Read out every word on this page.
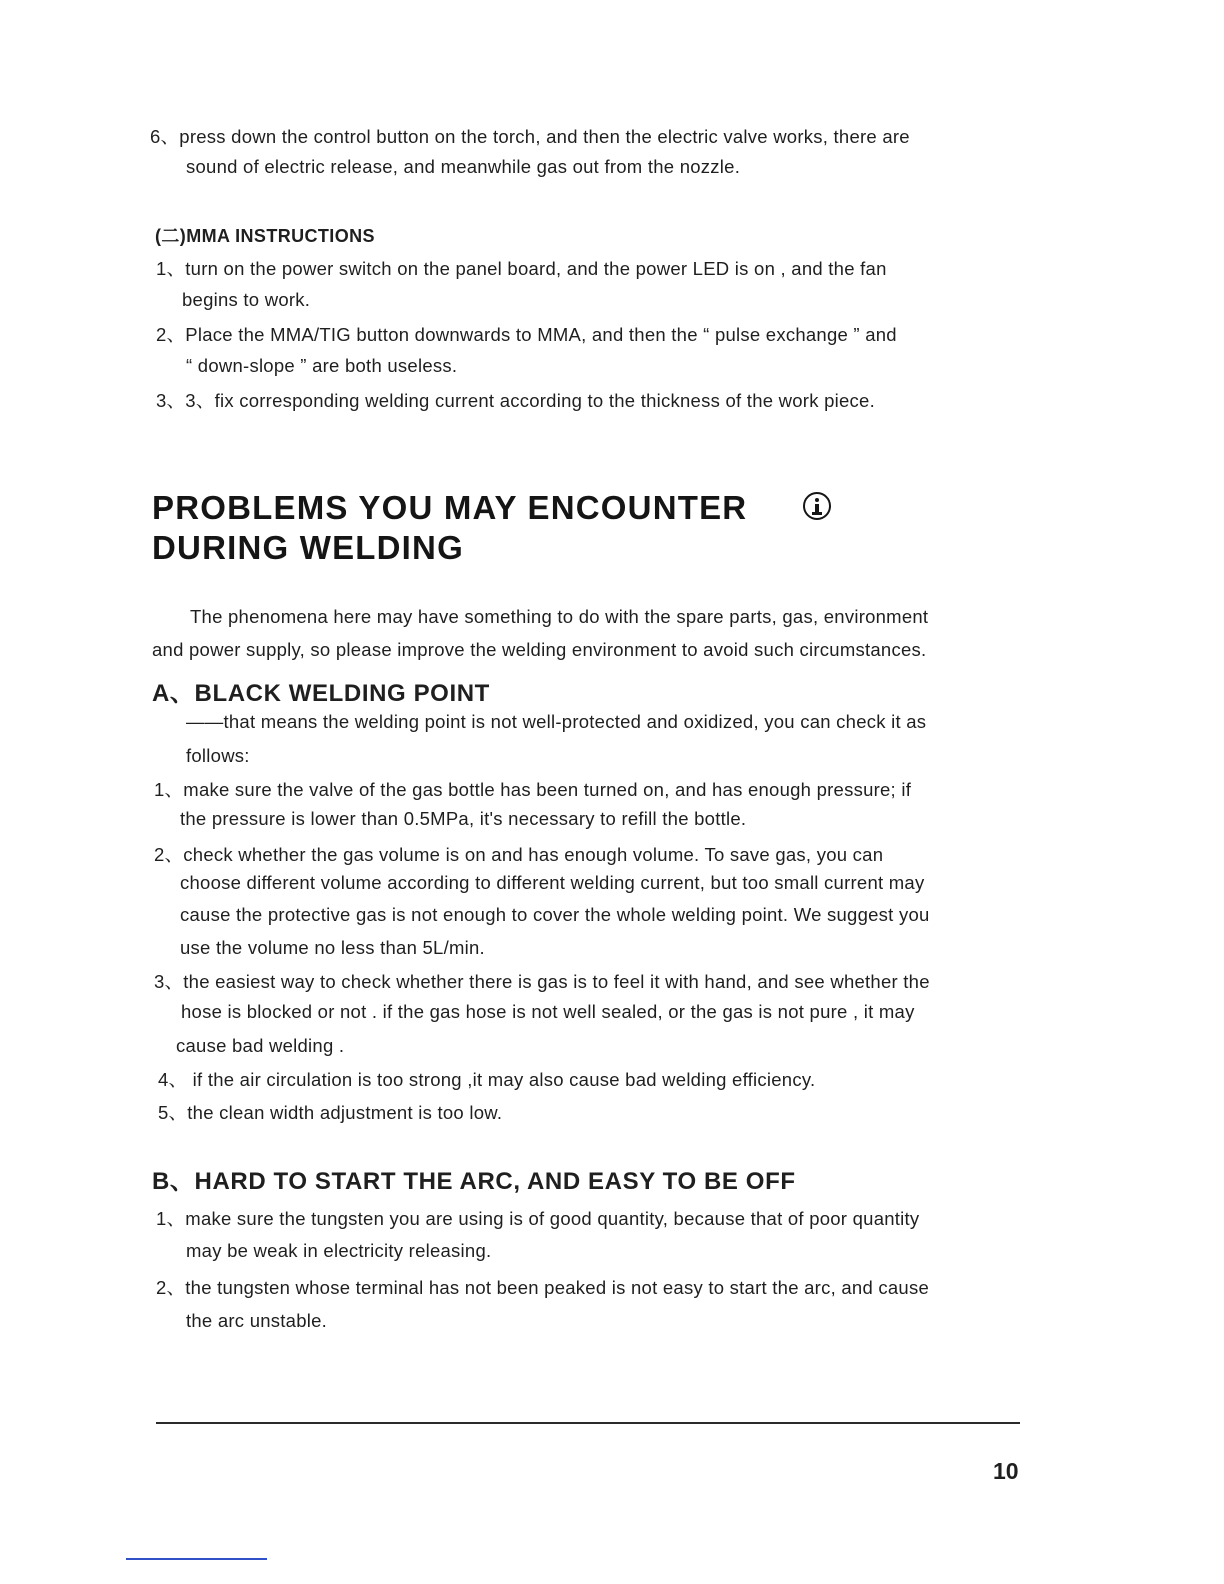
6、press down the control button on the torch, and then the electric valve works, there are
sound of electric release, and meanwhile gas out from the nozzle.
(二)MMA INSTRUCTIONS
1、turn on the power switch on the panel board, and the power LED is on , and the fan
begins to work.
2、Place the MMA/TIG button downwards to MMA, and then the “ pulse exchange ” and
“ down-slope ” are both useless.
3、3、fix corresponding welding current according to the thickness of the work piece.
PROBLEMS YOU MAY ENCOUNTER
DURING WELDING
The phenomena here may have something to do with the spare parts, gas, environment
and power supply, so please improve the welding environment to avoid such circumstances.
A、BLACK WELDING POINT
——that means the welding point is not well-protected and oxidized, you can check it as
follows:
1、make sure the valve of the gas bottle has been turned on, and has enough pressure; if
the pressure is lower than 0.5MPa, it's necessary to refill the bottle.
2、check whether the gas volume is on and has enough volume. To save gas, you can
choose different volume according to different welding current, but too small current may
cause the protective gas is not enough to cover the whole welding point. We suggest you
use the volume no less than 5L/min.
3、the easiest way to check whether there is gas is to feel it with hand, and see whether the
hose is blocked or not . if the gas hose is not well sealed, or the gas is not pure , it may
cause bad welding .
4、 if the air circulation is too strong ,it may also cause bad welding efficiency.
5、the clean width adjustment is too low.
B、HARD TO START THE ARC, AND EASY TO BE OFF
1、make sure the tungsten you are using is of good quantity, because that of poor quantity
may be weak in electricity releasing.
2、the tungsten whose terminal has not been peaked is not easy to start the arc, and cause
the arc unstable.
10
